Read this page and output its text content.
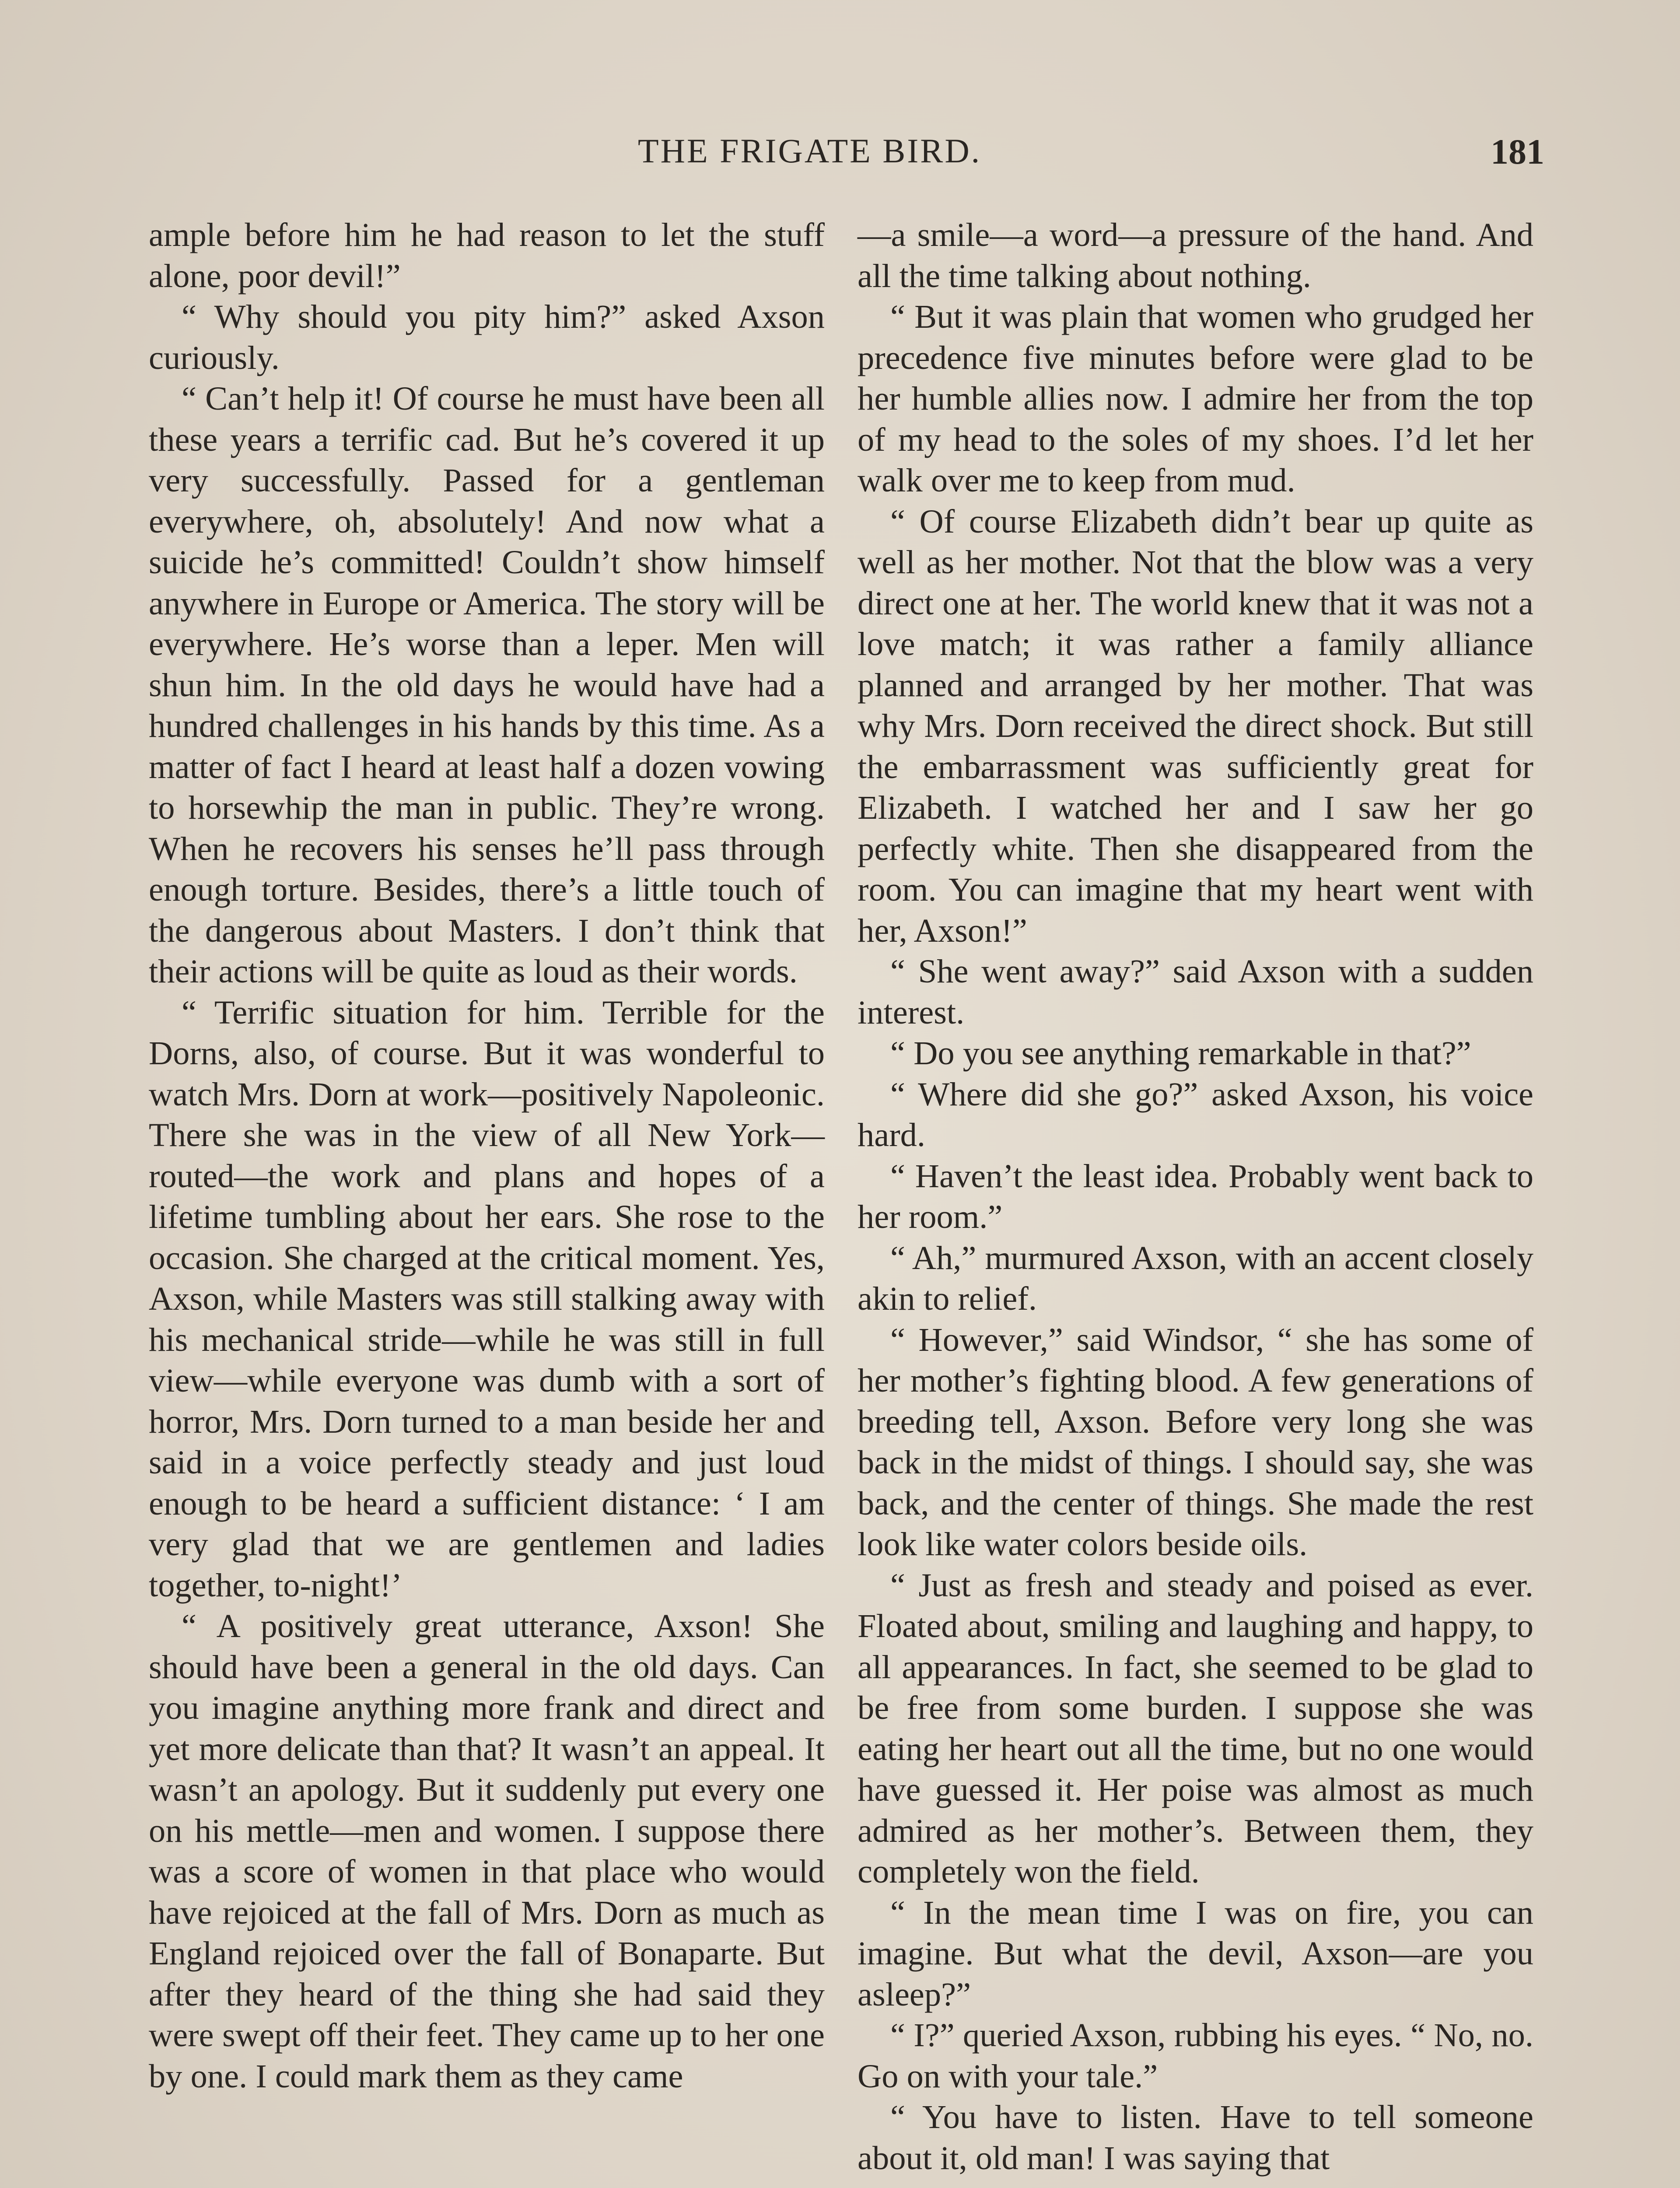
THE FRIGATE BIRD.	181

ample before him he had reason to let the stuff alone, poor devil!”

“ Why should you pity him?” asked Axson curiously.

“ Can’t help it! Of course he must have been all these years a terrific cad. But he’s covered it up very successfully. Passed for a gentleman everywhere, oh, absolutely! And now what a suicide he’s committed! Couldn’t show himself anywhere in Europe or America. The story will be everywhere. He’s worse than a leper. Men will shun him. In the old days he would have had a hundred challenges in his hands by this time. As a matter of fact I heard at least half a dozen vowing to horsewhip the man in public. They’re wrong. When he recovers his senses he’ll pass through enough torture. Besides, there’s a little touch of the dangerous about Masters. I don’t think that their actions will be quite as loud as their words.

“ Terrific situation for him. Terrible for the Dorns, also, of course. But it was wonderful to watch Mrs. Dorn at work—positively Napoleonic. There she was in the view of all New York—routed—the work and plans and hopes of a lifetime tumbling about her ears. She rose to the occasion. She charged at the critical moment. Yes, Axson, while Masters was still stalking away with his mechanical stride—while he was still in full view—while everyone was dumb with a sort of horror, Mrs. Dorn turned to a man beside her and said in a voice perfectly steady and just loud enough to be heard a sufficient distance: ‘ I am very glad that we are gentlemen and ladies together, to-night!’

“ A positively great utterance, Axson! She should have been a general in the old days. Can you imagine anything more frank and direct and yet more delicate than that? It wasn’t an appeal. It wasn’t an apology. But it suddenly put every one on his mettle—men and women. I suppose there was a score of women in that place who would have rejoiced at the fall of Mrs. Dorn as much as England rejoiced over the fall of Bonaparte. But after they heard of the thing she had said they were swept off their feet. They came up to her one by one. I could mark them as they came

—a smile—a word—a pressure of the hand. And all the time talking about nothing.

“ But it was plain that women who grudged her precedence five minutes before were glad to be her humble allies now. I admire her from the top of my head to the soles of my shoes. I’d let her walk over me to keep from mud.

“ Of course Elizabeth didn’t bear up quite as well as her mother. Not that the blow was a very direct one at her. The world knew that it was not a love match; it was rather a family alliance planned and arranged by her mother. That was why Mrs. Dorn received the direct shock. But still the embarrassment was sufficiently great for Elizabeth. I watched her and I saw her go perfectly white. Then she disappeared from the room. You can imagine that my heart went with her, Axson!”

“ She went away?” said Axson with a sudden interest.

“ Do you see anything remarkable in that?”

“ Where did she go?” asked Axson, his voice hard.

“ Haven’t the least idea. Probably went back to her room.”

“ Ah,” murmured Axson, with an accent closely akin to relief.

“ However,” said Windsor, “ she has some of her mother’s fighting blood. A few generations of breeding tell, Axson. Before very long she was back in the midst of things. I should say, she was back, and the center of things. She made the rest look like water colors beside oils.

“ Just as fresh and steady and poised as ever. Floated about, smiling and laughing and happy, to all appearances. In fact, she seemed to be glad to be free from some burden. I suppose she was eating her heart out all the time, but no one would have guessed it. Her poise was almost as much admired as her mother’s. Between them, they completely won the field.

“ In the mean time I was on fire, you can imagine. But what the devil, Axson—are you asleep?”

“ I?” queried Axson, rubbing his eyes. “ No, no. Go on with your tale.”

“ You have to listen. Have to tell someone about it, old man! I was saying that
